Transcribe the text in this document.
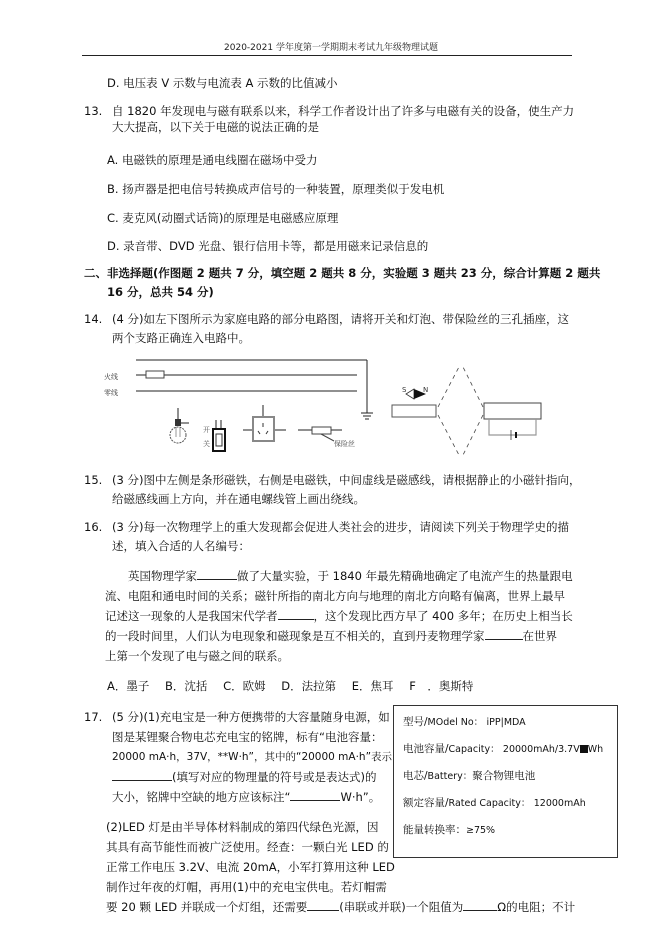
2020-2021 学年度第一学期期末考试九年级物理试题
D. 电压表 V 示数与电流表 A 示数的比值减小
13. 自 1820 年发现电与磁有联系以来，科学工作者设计出了许多与电磁有关的设备，使生产力
大大提高，以下关于电磁的说法正确的是
A. 电磁铁的原理是通电线圈在磁场中受力
B. 扬声器是把电信号转换成声信号的一种装置，原理类似于发电机
C. 麦克风(动圈式话筒)的原理是电磁感应原理
D. 录音带、DVD 光盘、银行信用卡等，都是用磁来记录信息的
二、非选择题(作图题 2 题共 7 分，填空题 2 题共 8 分，实验题 3 题共 23 分，综合计算题 2 题共
16 分，总共 54 分)
14. (4 分)如左下图所示为家庭电路的部分电路图，请将开关和灯泡、带保险丝的三孔插座，这
两个支路正确连入电路中。
火线
零线
开
关	保险丝
S N
15. (3 分)图中左侧是条形磁铁，右侧是电磁铁，中间虚线是磁感线，请根据静止的小磁针指向，
给磁感线画上方向，并在通电螺线管上画出绕线。
16. (3 分)每一次物理学上的重大发现都会促进人类社会的进步，请阅读下列关于物理学史的描
述，填入合适的人名编号：
英国物理学家	做了大量实验，于 1840 年最先精确地确定了电流产生的热量跟电
流、电阻和通电时间的关系；磁针所指的南北方向与地理的南北方向略有偏离，世界上最早
记述这一现象的人是我国宋代学者	，这个发现比西方早了 400 多年；在历史上相当长
的一段时间里，人们认为电现象和磁现象是互不相关的，直到丹麦物理学家	在世界
上第一个发现了电与磁之间的联系。
A．墨子 B．沈括 C．欧姆 D．法拉第 E．焦耳 F　．奥斯特
17. (5 分)(1)充电宝是一种方便携带的大容量随身电源，如
图是某锂聚合物电芯充电宝的铭牌，标有“电池容量：
20000 mA·h，37V，**W·h”，其中的“20000 mA·h”表示
(填写对应的物理量的符号或是表达式)的
大小，铭牌中空缺的地方应该标注“	W·h”。
(2)LED 灯是由半导体材料制成的第四代绿色光源，因
其具有高节能性而被广泛使用。经查：一颗白光 LED 的
正常工作电压 3.2V、电流 20mA，小军打算用这种 LED
制作过年夜的灯帽，再用(1)中的充电宝供电。若灯帽需
要 20 颗 LED 并联成一个灯组，还需要	(串联或并联)一个阻值为	Ω的电阻；不计
型号/MOdel No： iPP|MDA
电池容量/Capacity： 20000mAh/3.7V Wh
电芯/Battery：聚合物锂电池
额定容量/Rated Capacity： 12000mAh
能量转换率：≥75%
